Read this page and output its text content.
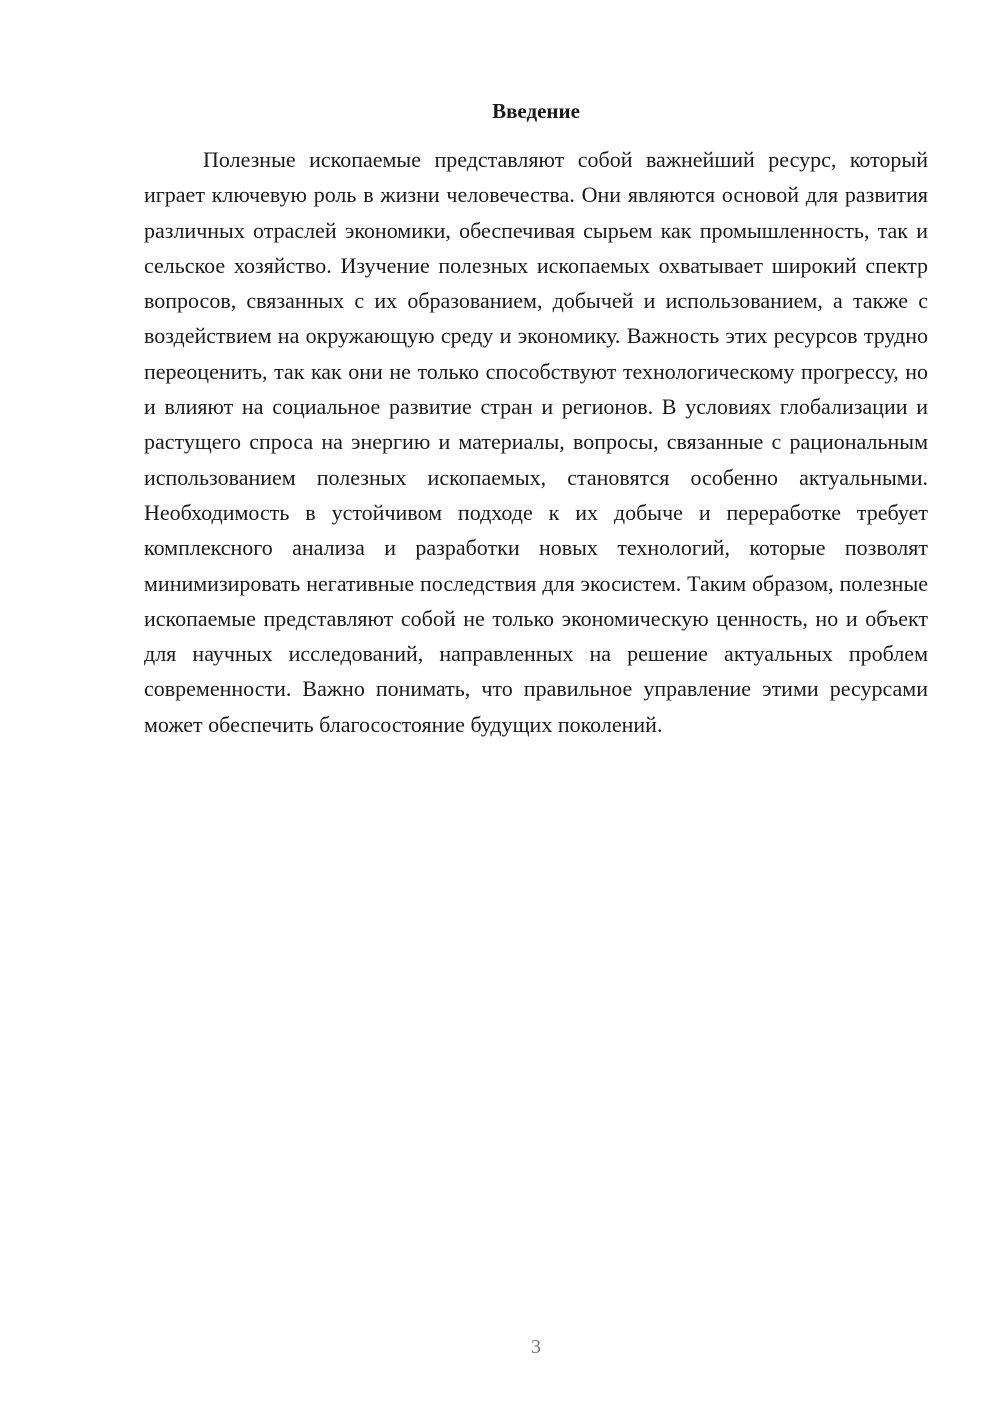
Введение

Полезные ископаемые представляют собой важнейший ресурс, который играет ключевую роль в жизни человечества. Они являются основой для развития различных отраслей экономики, обеспечивая сырьем как промышленность, так и сельское хозяйство. Изучение полезных ископаемых охватывает широкий спектр вопросов, связанных с их образованием, добычей и использованием, а также с воздействием на окружающую среду и экономику. Важность этих ресурсов трудно переоценить, так как они не только способствуют технологическому прогрессу, но и влияют на социальное развитие стран и регионов. В условиях глобализации и растущего спроса на энергию и материалы, вопросы, связанные с рациональным использованием полезных ископаемых, становятся особенно актуальными. Необходимость в устойчивом подходе к их добыче и переработке требует комплексного анализа и разработки новых технологий, которые позволят минимизировать негативные последствия для экосистем. Таким образом, полезные ископаемые представляют собой не только экономическую ценность, но и объект для научных исследований, направленных на решение актуальных проблем современности. Важно понимать, что правильное управление этими ресурсами может обеспечить благосостояние будущих поколений.

3
